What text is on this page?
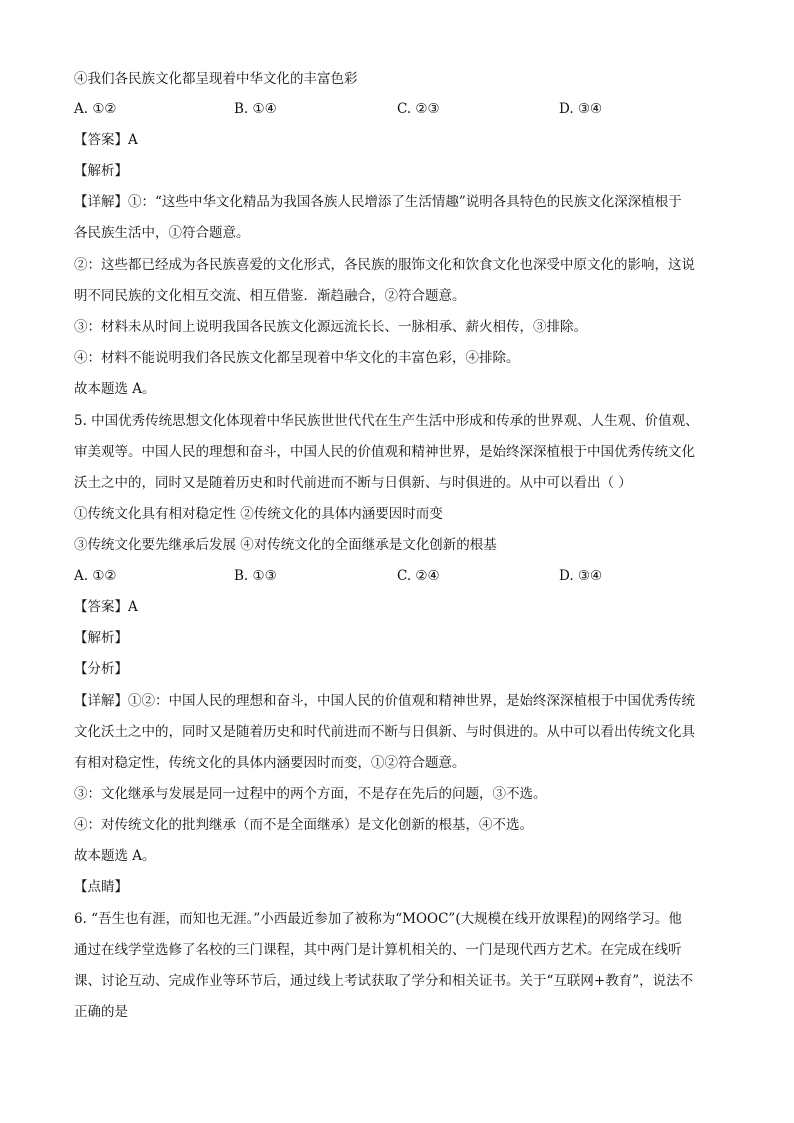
④我们各民族文化都呈现着中华文化的丰富色彩
A. ①②	B. ①④	C. ②③	D. ③④
【答案】A
【解析】
【详解】①：“这些中华文化精品为我国各族人民增添了生活情趣”说明各具特色的民族文化深深植根于
各民族生活中，①符合题意。
②：这些都已经成为各民族喜爱的文化形式，各民族的服饰文化和饮食文化也深受中原文化的影响，这说
明不同民族的文化相互交流、相互借鉴．渐趋融合，②符合题意。
③：材料未从时间上说明我国各民族文化源远流长长、一脉相承、薪火相传，③排除。
④：材料不能说明我们各民族文化都呈现着中华文化的丰富色彩，④排除。
故本题选 A。
5. 中国优秀传统思想文化体现着中华民族世世代代在生产生活中形成和传承的世界观、人生观、价值观、
审美观等。中国人民的理想和奋斗，中国人民的价值观和精神世界，是始终深深植根于中国优秀传统文化
沃土之中的，同时又是随着历史和时代前进而不断与日俱新、与时俱进的。从中可以看出（ ）
①传统文化具有相对稳定性 ②传统文化的具体内涵要因时而变
③传统文化要先继承后发展 ④对传统文化的全面继承是文化创新的根基
A. ①②	B. ①③	C. ②④	D. ③④
【答案】A
【解析】
【分析】
【详解】①②：中国人民的理想和奋斗，中国人民的价值观和精神世界，是始终深深植根于中国优秀传统
文化沃土之中的，同时又是随着历史和时代前进而不断与日俱新、与时俱进的。从中可以看出传统文化具
有相对稳定性，传统文化的具体内涵要因时而变，①②符合题意。
③：文化继承与发展是同一过程中的两个方面，不是存在先后的问题，③不选。
④：对传统文化的批判继承（而不是全面继承）是文化创新的根基，④不选。
故本题选 A。
【点睛】
6. “吾生也有涯，而知也无涯。”小西最近参加了被称为“MOOC”(大规模在线开放课程)的网络学习。他
通过在线学堂选修了名校的三门课程，其中两门是计算机相关的、一门是现代西方艺术。在完成在线听
课、讨论互动、完成作业等环节后，通过线上考试获取了学分和相关证书。关于“互联网+教育”，说法不
正确的是
